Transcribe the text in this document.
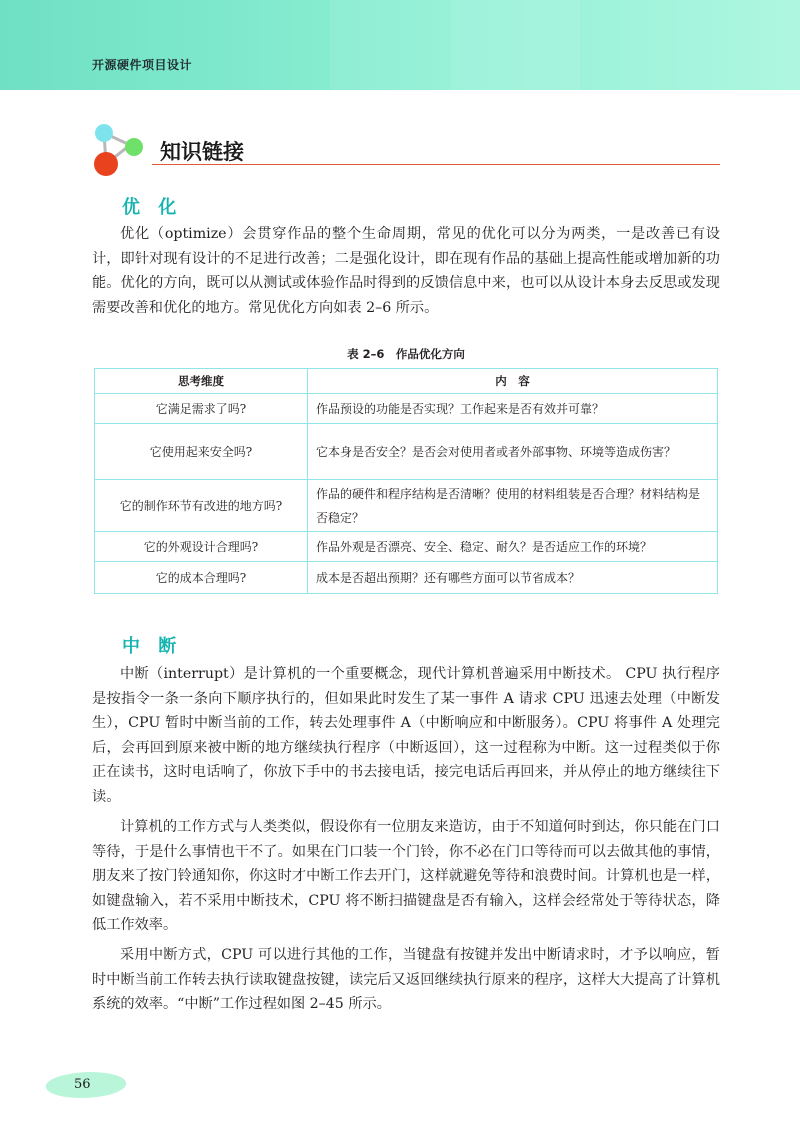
开源硬件项目设计
知识链接
优 化

优化（optimize）会贯穿作品的整个生命周期，常见的优化可以分为两类，一是改善已有设计，即针对现有设计的不足进行改善；二是强化设计，即在现有作品的基础上提高性能或增加新的功能。优化的方向，既可以从测试或体验作品时得到的反馈信息中来，也可以从设计本身去反思或发现需要改善和优化的地方。常见优化方向如表 2–6 所示。

表 2–6　作品优化方向
思考维度	内　容
它满足需求了吗?	作品预设的功能是否实现？工作起来是否有效并可靠？
它使用起来安全吗?	它本身是否安全？是否会对使用者或者外部事物、环境等造成伤害？
它的制作环节有改进的地方吗?	作品的硬件和程序结构是否清晰？使用的材料组装是否合理？材料结构是否稳定？
它的外观设计合理吗?	作品外观是否漂亮、安全、稳定、耐久？是否适应工作的环境？
它的成本合理吗?	成本是否超出预期？还有哪些方面可以节省成本？
中 断

中断（interrupt）是计算机的一个重要概念，现代计算机普遍采用中断技术。 CPU 执行程序是按指令一条一条向下顺序执行的，但如果此时发生了某一事件 A 请求 CPU 迅速去处理（中断发生），CPU 暂时中断当前的工作，转去处理事件 A（中断响应和中断服务）。CPU 将事件 A 处理完后，会再回到原来被中断的地方继续执行程序（中断返回），这一过程称为中断。这一过程类似于你正在读书，这时电话响了，你放下手中的书去接电话，接完电话后再回来，并从停止的地方继续往下读。

计算机的工作方式与人类类似，假设你有一位朋友来造访，由于不知道何时到达，你只能在门口等待，于是什么事情也干不了。如果在门口装一个门铃，你不必在门口等待而可以去做其他的事情，朋友来了按门铃通知你，你这时才中断工作去开门，这样就避免等待和浪费时间。计算机也是一样，如键盘输入，若不采用中断技术，CPU 将不断扫描键盘是否有输入，这样会经常处于等待状态，降低工作效率。

采用中断方式，CPU 可以进行其他的工作，当键盘有按键并发出中断请求时，才予以响应，暂时中断当前工作转去执行读取键盘按键，读完后又返回继续执行原来的程序，这样大大提高了计算机系统的效率。“中断”工作过程如图 2–45 所示。

56
